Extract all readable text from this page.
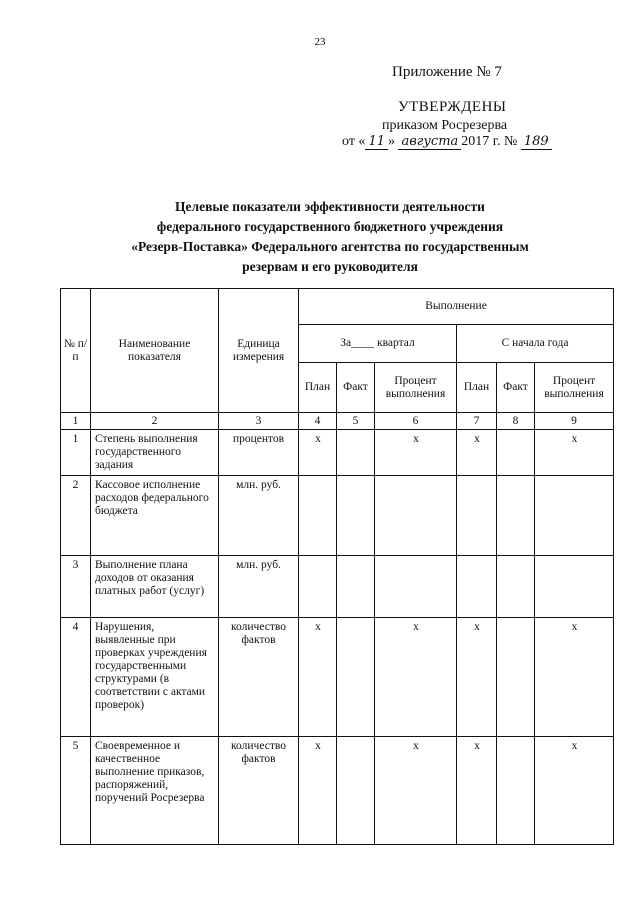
23
Приложение № 7
УТВЕРЖДЕНЫ
приказом Росрезерва
от « 11 » августа 2017 г. № 189
Целевые показатели эффективности деятельности
федерального государственного бюджетного учреждения
«Резерв-Поставка» Федерального агентства по государственным
резервам и его руководителя
№ п/п	Наименование показателя	Единица измерения	Выполнение					
			За____ квартал			С начала года		
			План	Факт	Процент выполнения	План	Факт	Процент выполнения
1	2	3	4	5	6	7	8	9
1	Степень выполнения государственного задания	процентов	х		х	х		х
2	Кассовое исполнение расходов федерального бюджета	млн. руб.						
3	Выполнение плана доходов от оказания платных работ (услуг)	млн. руб.						
4	Нарушения, выявленные при проверках учреждения государственными структурами (в соответствии с актами проверок)	количество фактов	х		х	х		х
5	Своевременное и качественное выполнение приказов, распоряжений, поручений Росрезерва	количество фактов	х		х	х		х
